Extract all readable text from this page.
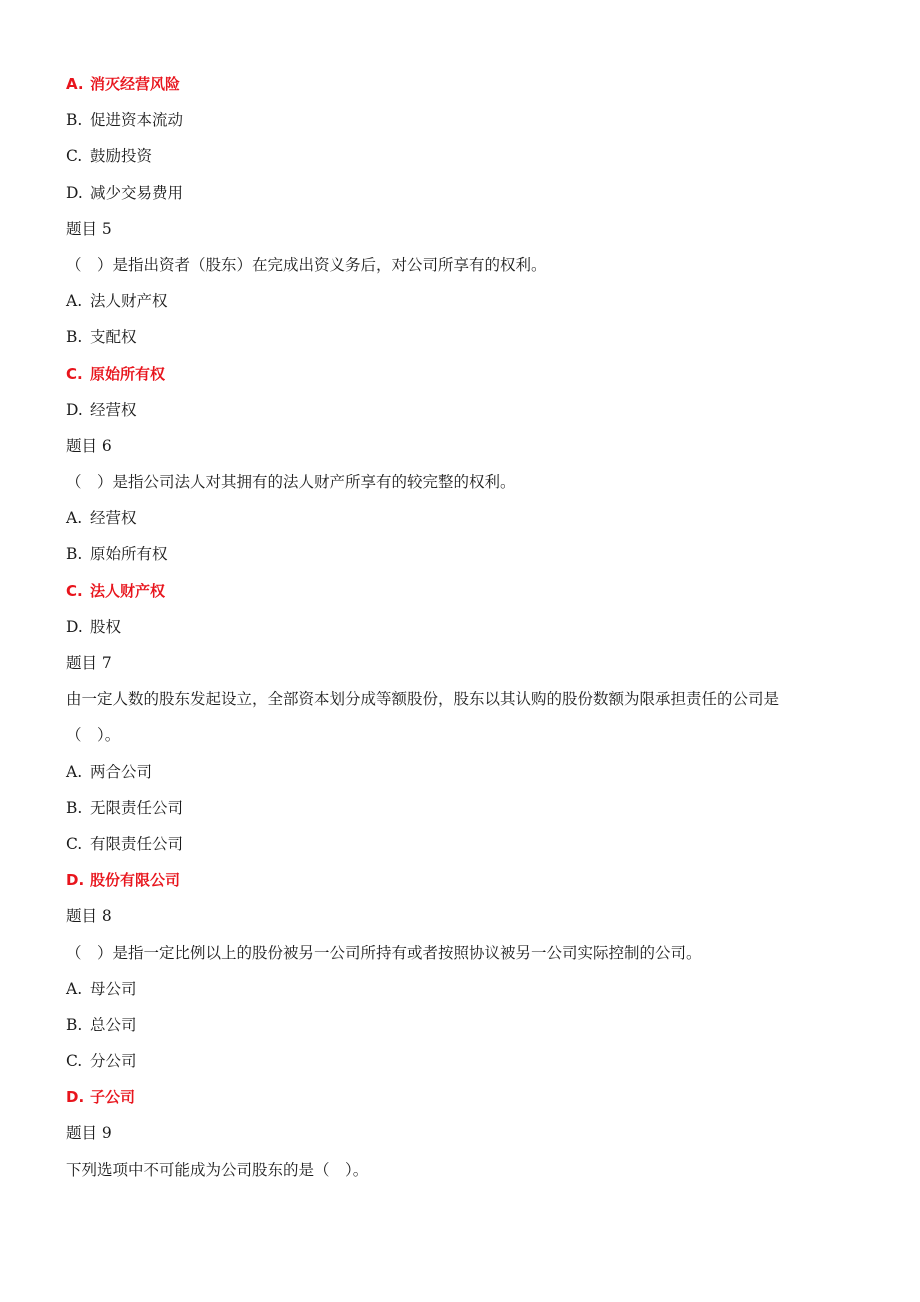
A. 消灭经营风险
B. 促进资本流动
C. 鼓励投资
D. 减少交易费用
题目 5
（　）是指出资者（股东）在完成出资义务后，对公司所享有的权利。
A. 法人财产权
B. 支配权
C. 原始所有权
D. 经营权
题目 6
（　）是指公司法人对其拥有的法人财产所享有的较完整的权利。
A. 经营权
B. 原始所有权
C. 法人财产权
D. 股权
题目 7
由一定人数的股东发起设立，全部资本划分成等额股份，股东以其认购的股份数额为限承担责任的公司是
（　）。
A. 两合公司
B. 无限责任公司
C. 有限责任公司
D. 股份有限公司
题目 8
（　）是指一定比例以上的股份被另一公司所持有或者按照协议被另一公司实际控制的公司。
A. 母公司
B. 总公司
C. 分公司
D. 子公司
题目 9
下列选项中不可能成为公司股东的是（　）。
